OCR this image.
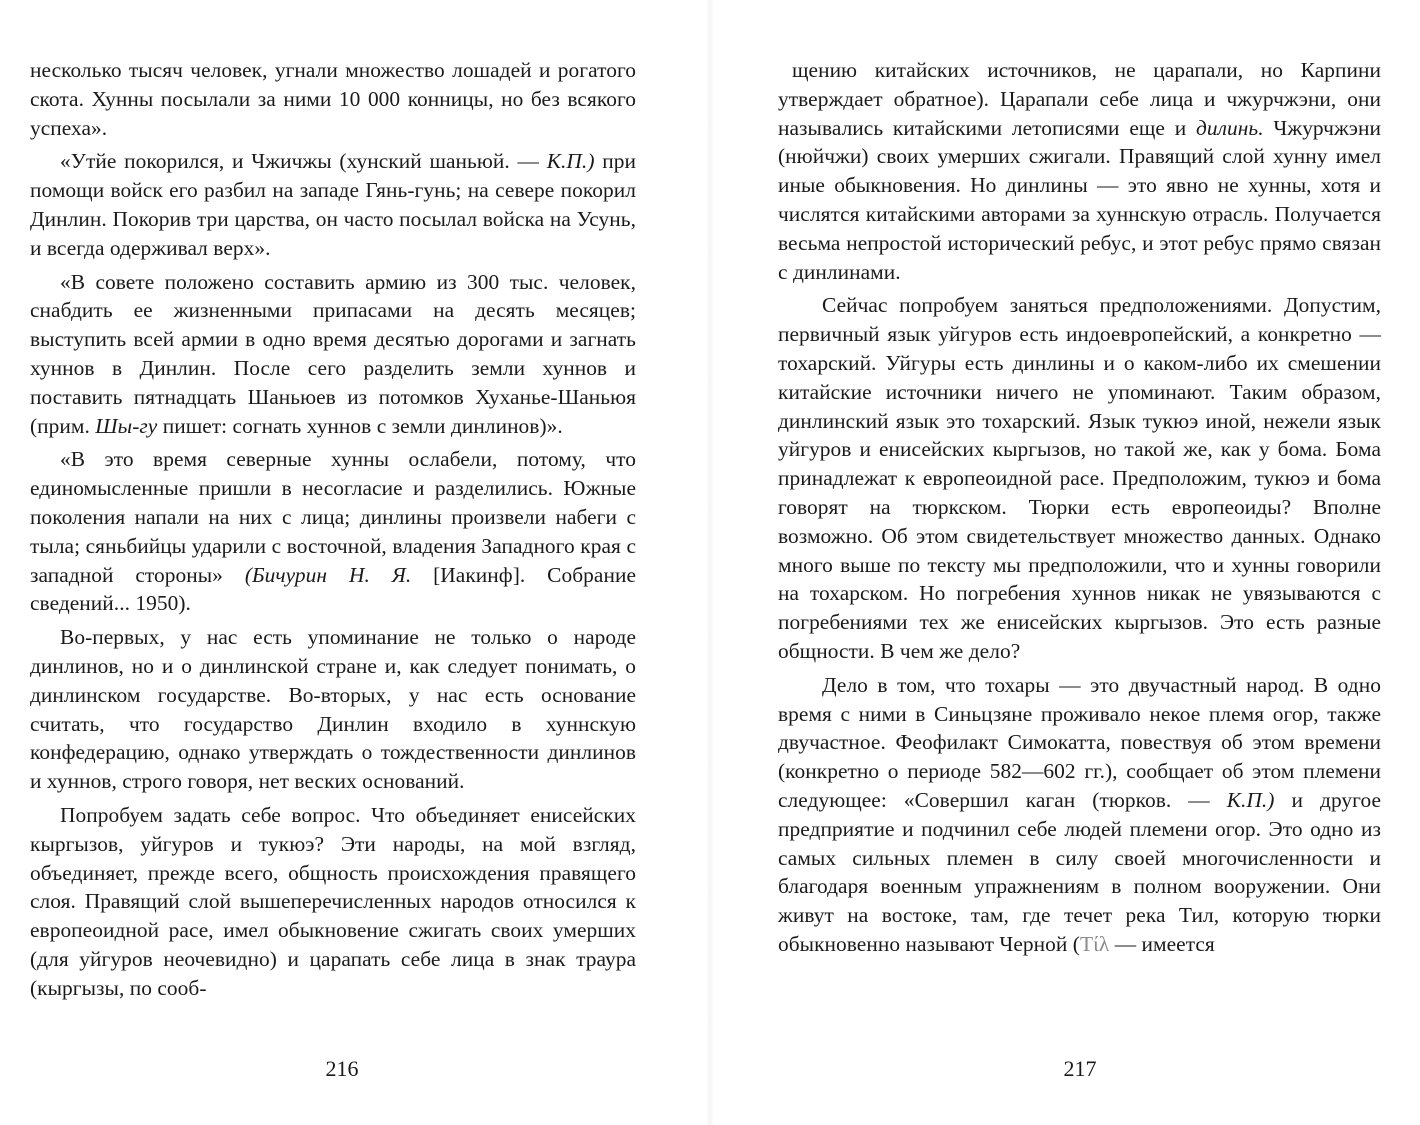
несколько тысяч человек, угнали множество лошадей и рогатого скота. Хунны посылали за ними 10 000 конницы, но без всякого успеха».

«Утйе покорился, и Чжичжы (хунский шаньюй. — К.П.) при помощи войск его разбил на западе Гянь-гунь; на севере покорил Динлин. Покорив три царства, он часто посылал войска на Усунь, и всегда одерживал верх».

«В совете положено составить армию из 300 тыс. человек, снабдить ее жизненными припасами на десять месяцев; выступить всей армии в одно время десятью дорогами и загнать хуннов в Динлин. После сего разделить земли хуннов и поставить пятнадцать Шаньюев из потомков Хуханье-Шаньюя (прим. Шы-гу пишет: согнать хуннов с земли динлинов)».

«В это время северные хунны ослабели, потому, что единомысленные пришли в несогласие и разделились. Южные поколения напали на них с лица; динлины произвели набеги с тыла; сяньбийцы ударили с восточной, владения Западного края с западной стороны» (Бичурин Н. Я. [Иакинф]. Собрание сведений... 1950).

Во-первых, у нас есть упоминание не только о народе динлинов, но и о динлинской стране и, как следует понимать, о динлинском государстве. Во-вторых, у нас есть основание считать, что государство Динлин входило в хуннскую конфедерацию, однако утверждать о тождественности динлинов и хуннов, строго говоря, нет веских оснований.

Попробуем задать себе вопрос. Что объединяет енисейских кыргызов, уйгуров и тукюэ? Эти народы, на мой взгляд, объединяет, прежде всего, общность происхождения правящего слоя. Правящий слой вышеперечисленных народов относился к европеоидной расе, имел обыкновение сжигать своих умерших (для уйгуров неочевидно) и царапать себе лица в знак траура (кыргызы, по сооб-

216

щению китайских источников, не царапали, но Карпини утверждает обратное). Царапали себе лица и чжурчжэни, они назывались китайскими летописями еще и дилинь. Чжурчжэни (нюйчжи) своих умерших сжигали. Правящий слой хунну имел иные обыкновения. Но динлины — это явно не хунны, хотя и числятся китайскими авторами за хуннскую отрасль. Получается весьма непростой исторический ребус, и этот ребус прямо связан с динлинами.

Сейчас попробуем заняться предположениями. Допустим, первичный язык уйгуров есть индоевропейский, а конкретно — тохарский. Уйгуры есть динлины и о каком-либо их смешении китайские источники ничего не упоминают. Таким образом, динлинский язык это тохарский. Язык тукюэ иной, нежели язык уйгуров и енисейских кыргызов, но такой же, как у бома. Бома принадлежат к европеоидной расе. Предположим, тукюэ и бома говорят на тюркском. Тюрки есть европеоиды? Вполне возможно. Об этом свидетельствует множество данных. Однако много выше по тексту мы предположили, что и хунны говорили на тохарском. Но погребения хуннов никак не увязываются с погребениями тех же енисейских кыргызов. Это есть разные общности. В чем же дело?

Дело в том, что тохары — это двучастный народ. В одно время с ними в Синьцзяне проживало некое племя огор, также двучастное. Феофилакт Симокатта, повествуя об этом времени (конкретно о периоде 582—602 гг.), сообщает об этом племени следующее: «Совершил каган (тюрков. — К.П.) и другое предприятие и подчинил себе людей племени огор. Это одно из самых сильных племен в силу своей многочисленности и благодаря военным упражнениям в полном вооружении. Они живут на востоке, там, где течет река Тил, которую тюрки обыкновенно называют Черной (Τίλ — имеется

217
